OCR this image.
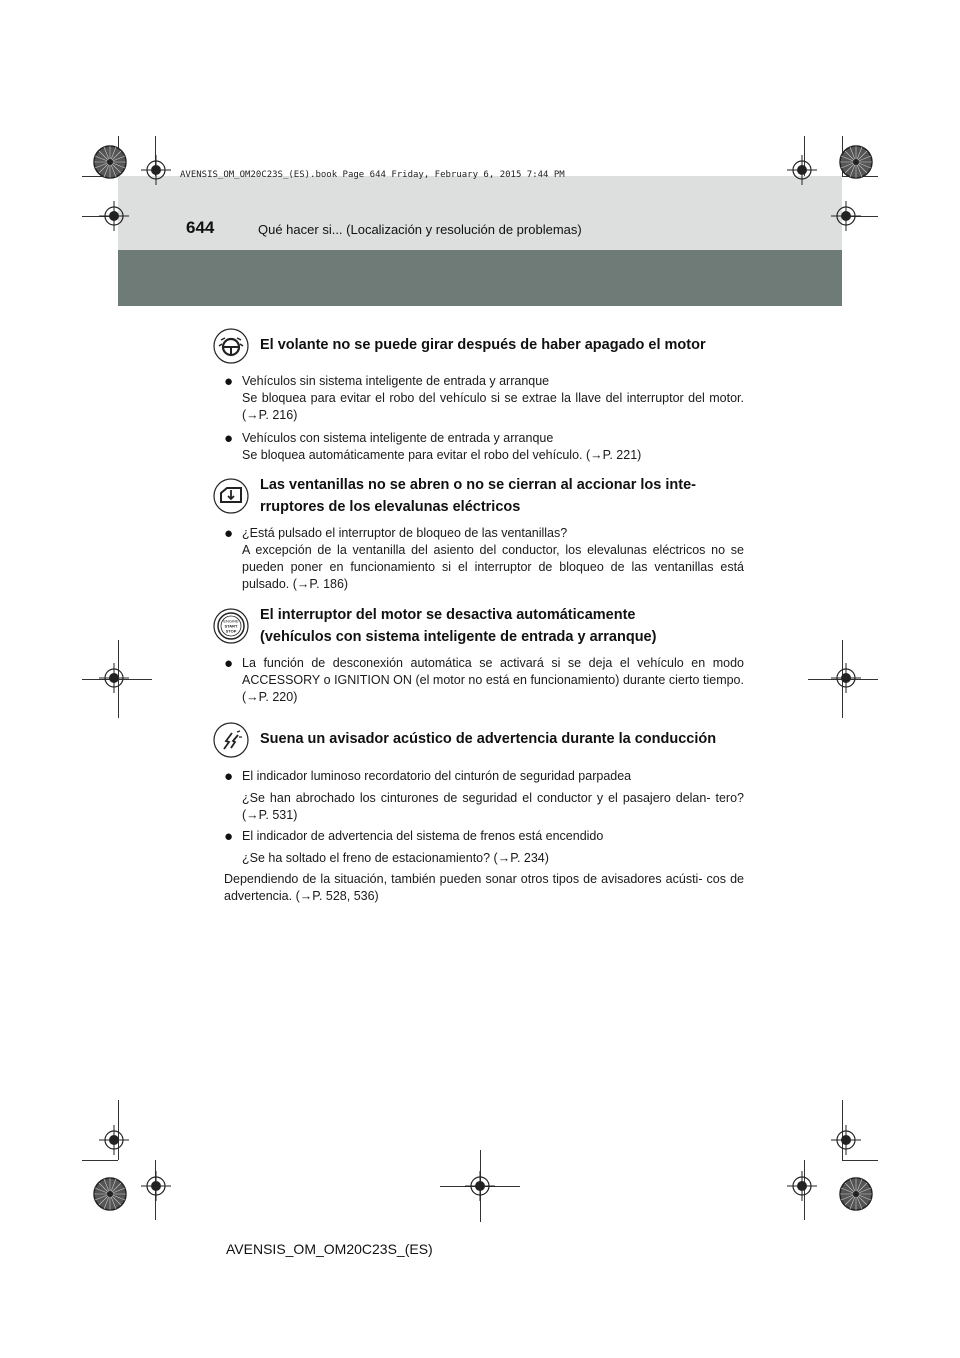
644	Qué hacer si... (Localización y resolución de problemas)
AVENSIS_OM_OM20C23S_(ES).book Page 644 Friday, February 6, 2015 7:44 PM
El volante no se puede girar después de haber apagado el motor
● Vehículos sin sistema inteligente de entrada y arranque
Se bloquea para evitar el robo del vehículo si se extrae la llave del interruptor del motor. (→P. 216)
● Vehículos con sistema inteligente de entrada y arranque
Se bloquea automáticamente para evitar el robo del vehículo. (→P. 221)
Las ventanillas no se abren o no se cierran al accionar los inte-
rruptores de los elevalunas eléctricos
● ¿Está pulsado el interruptor de bloqueo de las ventanillas?
A excepción de la ventanilla del asiento del conductor, los elevalunas eléctricos no se pueden poner en funcionamiento si el interruptor de bloqueo de las ventanillas está pulsado. (→P. 186)
ENGINE
START
STOP
El interruptor del motor se desactiva automáticamente
(vehículos con sistema inteligente de entrada y arranque)
● La función de desconexión automática se activará si se deja el vehículo en modo ACCESSORY o IGNITION ON (el motor no está en funcionamiento) durante cierto tiempo. (→P. 220)
Suena un avisador acústico de advertencia durante la conducción
● El indicador luminoso recordatorio del cinturón de seguridad parpadea
¿Se han abrochado los cinturones de seguridad el conductor y el pasajero delan- tero? (→P. 531)
● El indicador de advertencia del sistema de frenos está encendido
¿Se ha soltado el freno de estacionamiento? (→P. 234)
Dependiendo de la situación, también pueden sonar otros tipos de avisadores acústi- cos de advertencia. (→P. 528, 536)
AVENSIS_OM_OM20C23S_(ES)
